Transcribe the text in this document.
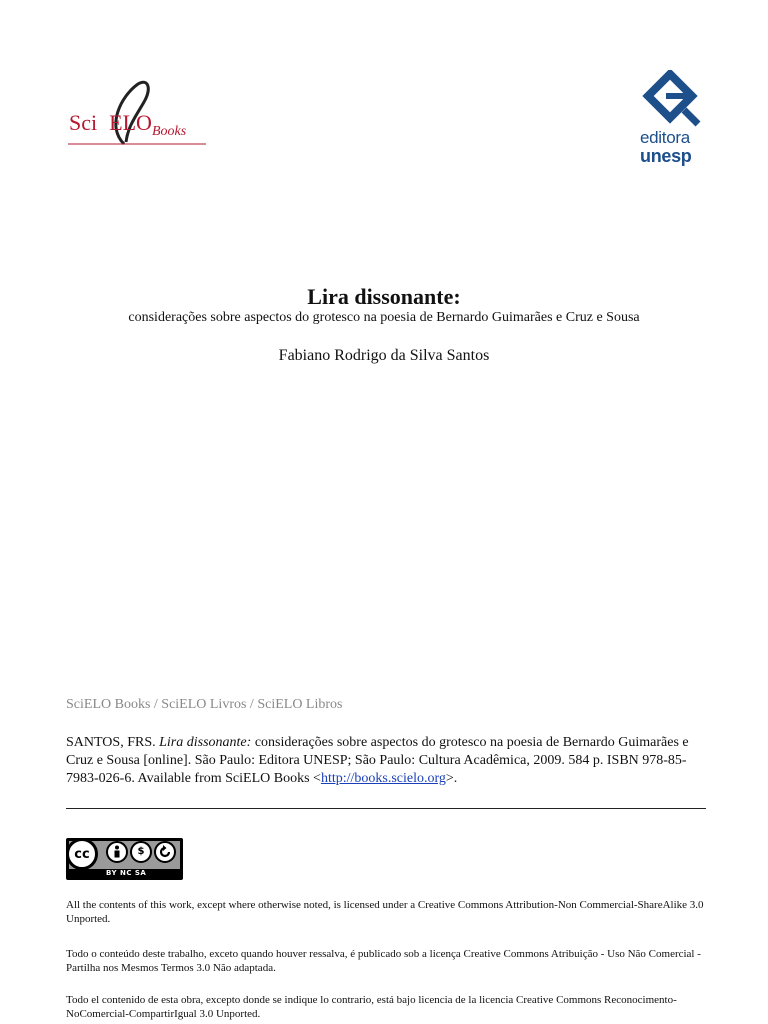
Sci ELO Books	editora
unesp
Lira dissonante:
considerações sobre aspectos do grotesco na poesia de Bernardo Guimarães e Cruz e Sousa
Fabiano Rodrigo da Silva Santos
SciELO Books / SciELO Livros / SciELO Libros
SANTOS, FRS. Lira dissonante: considerações sobre aspectos do grotesco na poesia de Bernardo Guimarães e Cruz e Sousa [online]. São Paulo: Editora UNESP; São Paulo: Cultura Acadêmica, 2009. 584 p. ISBN 978-85-7983-026-6. Available from SciELO Books <http://books.scielo.org>.
cc	$
BY NC SA
All the contents of this work, except where otherwise noted, is licensed under a Creative Commons Attribution-Non Commercial-ShareAlike 3.0 Unported.
Todo o conteúdo deste trabalho, exceto quando houver ressalva, é publicado sob a licença Creative Commons Atribuição - Uso Não Comercial - Partilha nos Mesmos Termos 3.0 Não adaptada.
Todo el contenido de esta obra, excepto donde se indique lo contrario, está bajo licencia de la licencia Creative Commons Reconocimento-NoComercial-CompartirIgual 3.0 Unported.
